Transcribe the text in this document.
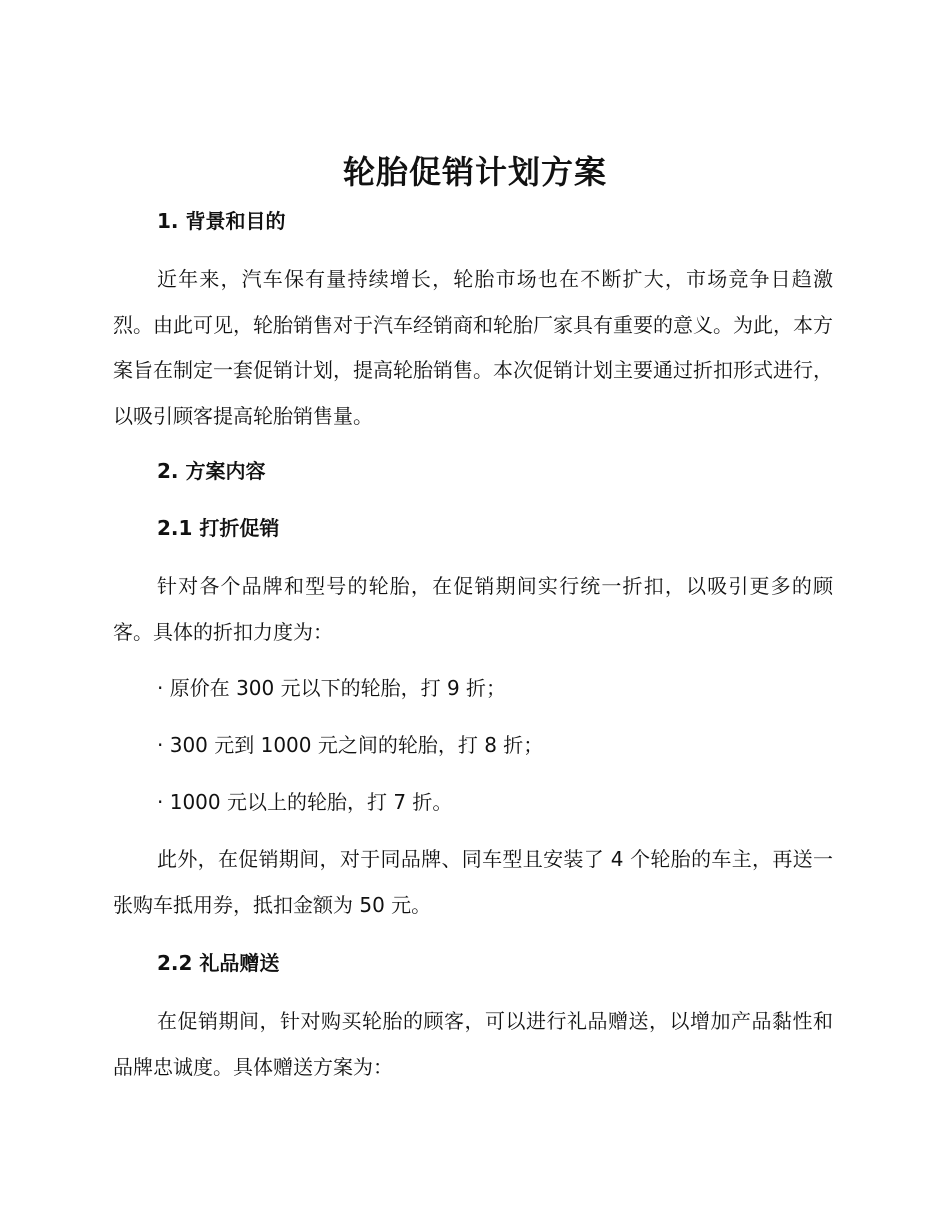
轮胎促销计划方案
1. 背景和目的

近年来，汽车保有量持续增长，轮胎市场也在不断扩大，市场竞争日趋激烈。由此可见，轮胎销售对于汽车经销商和轮胎厂家具有重要的意义。为此，本方案旨在制定一套促销计划，提高轮胎销售。本次促销计划主要通过折扣形式进行，以吸引顾客提高轮胎销售量。

2. 方案内容
2.1 打折促销

针对各个品牌和型号的轮胎，在促销期间实行统一折扣，以吸引更多的顾客。具体的折扣力度为：

· 原价在 300 元以下的轮胎，打 9 折；
· 300 元到 1000 元之间的轮胎，打 8 折；
· 1000 元以上的轮胎，打 7 折。

此外，在促销期间，对于同品牌、同车型且安装了 4 个轮胎的车主，再送一张购车抵用券，抵扣金额为 50 元。

2.2 礼品赠送

在促销期间，针对购买轮胎的顾客，可以进行礼品赠送，以增加产品黏性和品牌忠诚度。具体赠送方案为：
